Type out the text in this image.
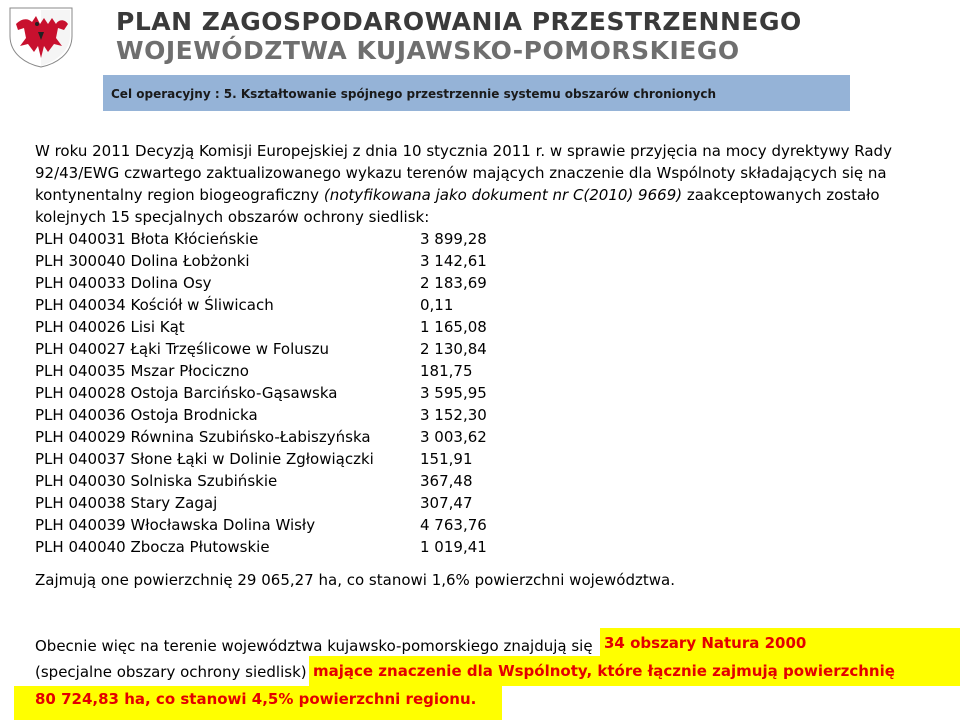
PLAN ZAGOSPODAROWANIA PRZESTRZENNEGO
WOJEWÓDZTWA KUJAWSKO-POMORSKIEGO
Cel operacyjny : 5. Kształtowanie spójnego przestrzennie systemu obszarów chronionych

W roku 2011 Decyzją Komisji Europejskiej z dnia 10 stycznia 2011 r. w sprawie przyjęcia na mocy dyrektywy Rady 92/43/EWG czwartego zaktualizowanego wykazu terenów mających znaczenie dla Wspólnoty składających się na kontynentalny region biogeograficzny (notyfikowana jako dokument nr C(2010) 9669) zaakceptowanych zostało kolejnych 15 specjalnych obszarów ochrony siedlisk:

PLH 040031 Błota Kłócieńskie	3 899,28
PLH 300040 Dolina Łobżonki	3 142,61
PLH 040033 Dolina Osy	2 183,69
PLH 040034 Kościół w Śliwicach	0,11
PLH 040026 Lisi Kąt	1 165,08
PLH 040027 Łąki Trzęślicowe w Foluszu	2 130,84
PLH 040035 Mszar Płociczno	181,75
PLH 040028 Ostoja Barcińsko-Gąsawska	3 595,95
PLH 040036 Ostoja Brodnicka	3 152,30
PLH 040029 Równina Szubińsko-Łabiszyńska	3 003,62
PLH 040037 Słone Łąki w Dolinie Zgłowiączki	151,91
PLH 040030 Solniska Szubińskie	367,48
PLH 040038 Stary Zagaj	307,47
PLH 040039 Włocławska Dolina Wisły	4 763,76
PLH 040040 Zbocza Płutowskie	1 019,41
Zajmują one powierzchnię 29 065,27 ha, co stanowi 1,6% powierzchni województwa.
Obecnie więc na terenie województwa kujawsko-pomorskiego znajdują się 34 obszary Natura 2000
(specjalne obszary ochrony siedlisk) mające znaczenie dla Wspólnoty, które łącznie zajmują powierzchnię
80 724,83 ha, co stanowi 4,5% powierzchni regionu.
